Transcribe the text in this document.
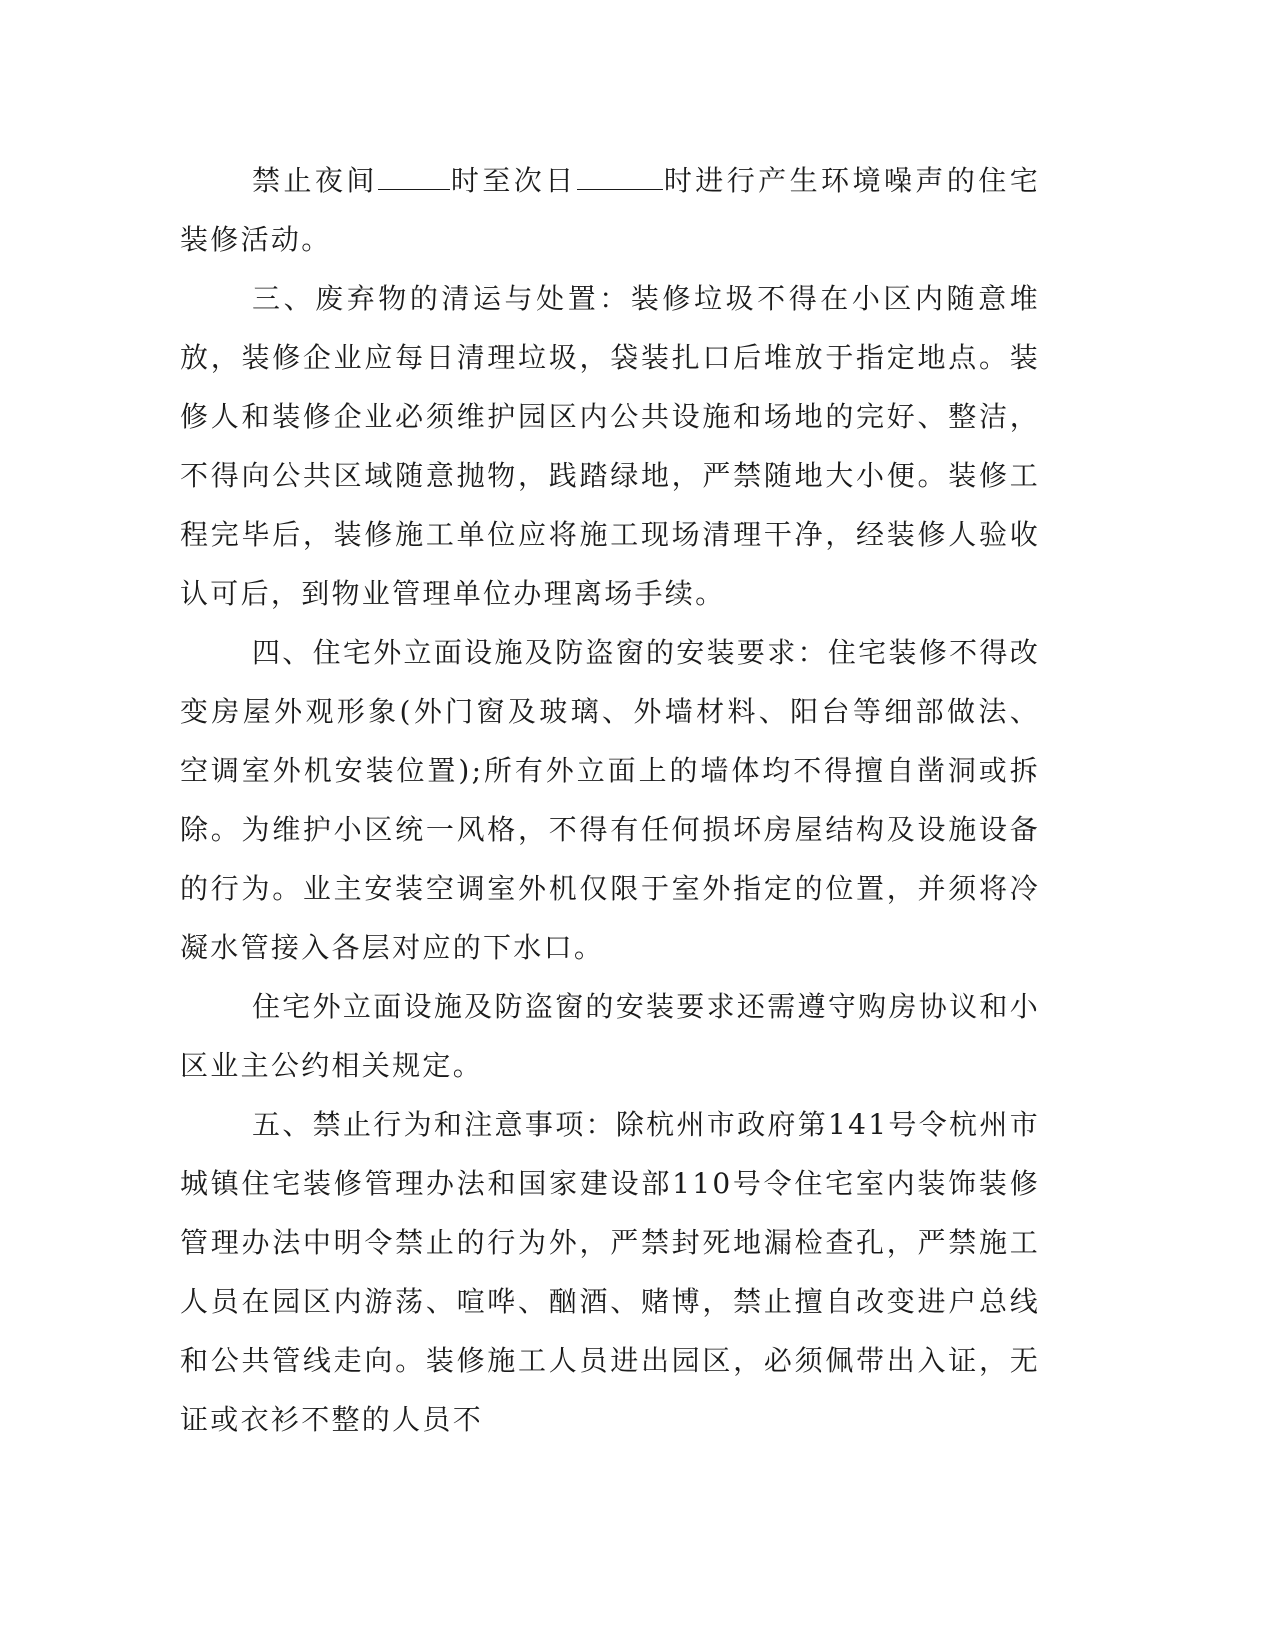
禁止夜间	时至次日	时进行产生环境噪声的住宅装修活动。

三、废弃物的清运与处置：装修垃圾不得在小区内随意堆放，装修企业应每日清理垃圾，袋装扎口后堆放于指定地点。装修人和装修企业必须维护园区内公共设施和场地的完好、整洁，不得向公共区域随意抛物，践踏绿地，严禁随地大小便。装修工程完毕后，装修施工单位应将施工现场清理干净，经装修人验收认可后，到物业管理单位办理离场手续。

四、住宅外立面设施及防盗窗的安装要求：住宅装修不得改变房屋外观形象(外门窗及玻璃、外墙材料、阳台等细部做法、空调室外机安装位置);所有外立面上的墙体均不得擅自凿洞或拆除。为维护小区统一风格，不得有任何损坏房屋结构及设施设备的行为。业主安装空调室外机仅限于室外指定的位置，并须将冷凝水管接入各层对应的下水口。

住宅外立面设施及防盗窗的安装要求还需遵守购房协议和小区业主公约相关规定。

五、禁止行为和注意事项：除杭州市政府第141号令杭州市城镇住宅装修管理办法和国家建设部110号令住宅室内装饰装修管理办法中明令禁止的行为外，严禁封死地漏检查孔，严禁施工人员在园区内游荡、喧哗、酗酒、赌博，禁止擅自改变进户总线和公共管线走向。装修施工人员进出园区，必须佩带出入证，无证或衣衫不整的人员不
